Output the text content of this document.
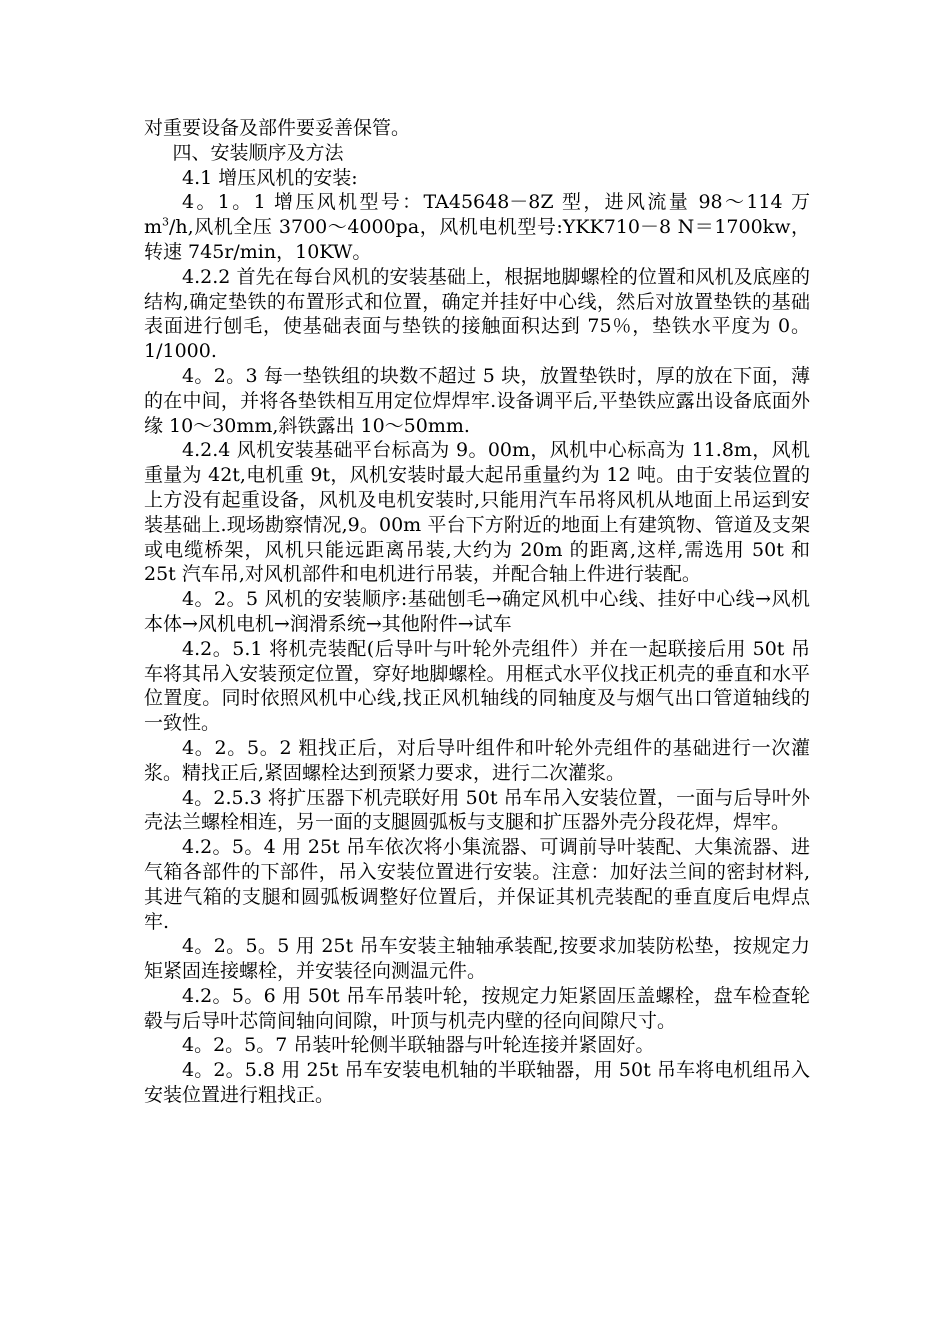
对重要设备及部件要妥善保管。

四、安装顺序及方法

4.1 增压风机的安装:

4。1。1 增压风机型号：TA45648－8Z 型，进风流量 98～114 万 $m^3/h$,风机全压 3700～4000pa，风机电机型号:YKK710－8 N＝1700kw，转速 745r/min，10KW。

4.2.2 首先在每台风机的安装基础上，根据地脚螺栓的位置和风机及底座的结构,确定垫铁的布置形式和位置，确定并挂好中心线，然后对放置垫铁的基础表面进行刨毛，使基础表面与垫铁的接触面积达到 75％，垫铁水平度为 0。1/1000.

4。2。3 每一垫铁组的块数不超过 5 块，放置垫铁时，厚的放在下面，薄的在中间，并将各垫铁相互用定位焊焊牢.设备调平后,平垫铁应露出设备底面外缘 10～30mm,斜铁露出 10～50mm.

4.2.4 风机安装基础平台标高为 9。00m，风机中心标高为 11.8m，风机重量为 42t,电机重 9t，风机安装时最大起吊重量约为 12 吨。由于安装位置的上方没有起重设备，风机及电机安装时,只能用汽车吊将风机从地面上吊运到安装基础上.现场勘察情况,9。00m 平台下方附近的地面上有建筑物、管道及支架或电缆桥架，风机只能远距离吊装,大约为 20m 的距离,这样,需选用 50t 和 25t 汽车吊,对风机部件和电机进行吊装，并配合轴上件进行装配。

4。2。5 风机的安装顺序:基础刨毛→确定风机中心线、挂好中心线→风机本体→风机电机→润滑系统→其他附件→试车

4.2。5.1 将机壳装配(后导叶与叶轮外壳组件）并在一起联接后用 50t 吊车将其吊入安装预定位置，穿好地脚螺栓。用框式水平仪找正机壳的垂直和水平位置度。同时依照风机中心线,找正风机轴线的同轴度及与烟气出口管道轴线的一致性。

4。2。5。2 粗找正后，对后导叶组件和叶轮外壳组件的基础进行一次灌浆。精找正后,紧固螺栓达到预紧力要求，进行二次灌浆。

4。2.5.3 将扩压器下机壳联好用 50t 吊车吊入安装位置，一面与后导叶外壳法兰螺栓相连，另一面的支腿圆弧板与支腿和扩压器外壳分段花焊，焊牢。

4.2。5。4 用 25t 吊车依次将小集流器、可调前导叶装配、大集流器、进气箱各部件的下部件，吊入安装位置进行安装。注意：加好法兰间的密封材料,其进气箱的支腿和圆弧板调整好位置后，并保证其机壳装配的垂直度后电焊点牢.

4。2。5。5 用 25t 吊车安装主轴轴承装配,按要求加装防松垫，按规定力矩紧固连接螺栓，并安装径向测温元件。

4.2。5。6 用 50t 吊车吊装叶轮，按规定力矩紧固压盖螺栓，盘车检查轮毂与后导叶芯筒间轴向间隙，叶顶与机壳内壁的径向间隙尺寸。

4。2。5。7 吊装叶轮侧半联轴器与叶轮连接并紧固好。

4。2。5.8 用 25t 吊车安装电机轴的半联轴器，用 50t 吊车将电机组吊入安装位置进行粗找正。
